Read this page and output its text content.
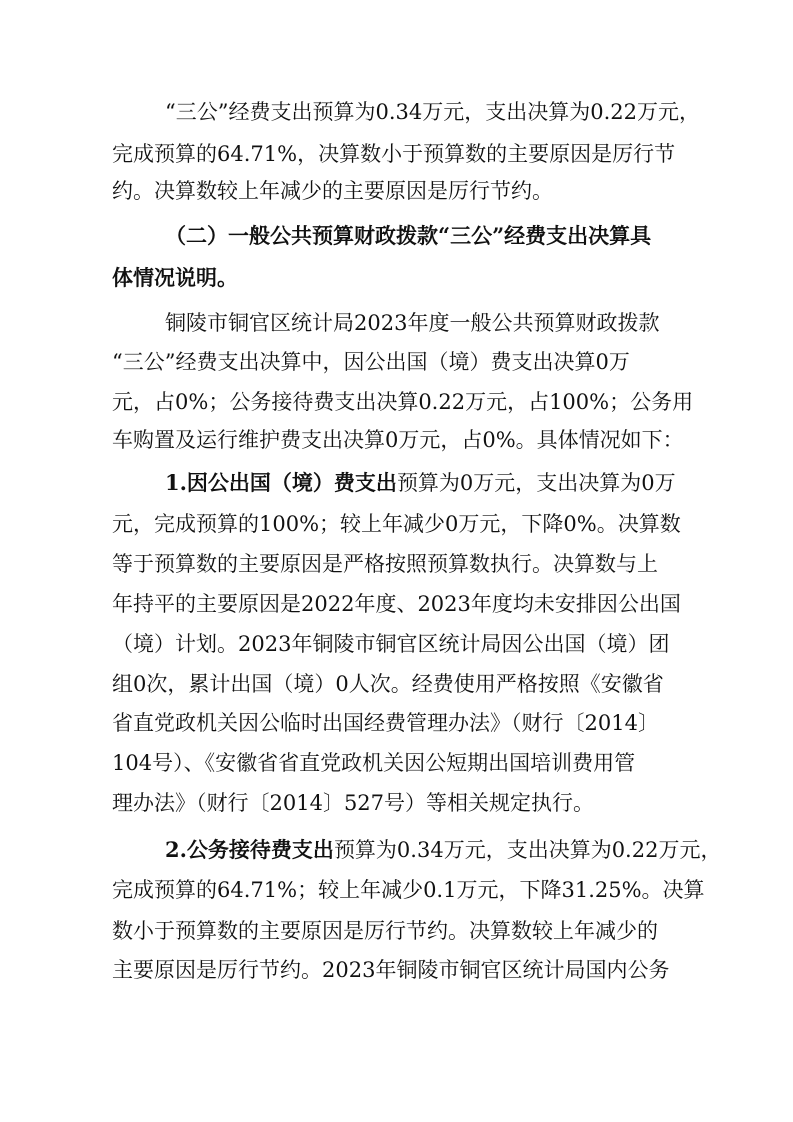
“三公”经费支出预算为0.34万元，支出决算为0.22万元，
完成预算的64.71%，决算数小于预算数的主要原因是厉行节
约。决算数较上年减少的主要原因是厉行节约。
（二）一般公共预算财政拨款“三公”经费支出决算具
体情况说明。
铜陵市铜官区统计局2023年度一般公共预算财政拨款
“三公”经费支出决算中，因公出国（境）费支出决算0万
元，占0%；公务接待费支出决算0.22万元，占100%；公务用
车购置及运行维护费支出决算0万元，占0%。具体情况如下：
1.因公出国（境）费支出预算为0万元，支出决算为0万
元，完成预算的100%；较上年减少0万元，下降0%。决算数
等于预算数的主要原因是严格按照预算数执行。决算数与上
年持平的主要原因是2022年度、2023年度均未安排因公出国
（境）计划。2023年铜陵市铜官区统计局因公出国（境）团
组0次，累计出国（境）0人次。经费使用严格按照《安徽省
省直党政机关因公临时出国经费管理办法》（财行〔2014〕
104号）、《安徽省省直党政机关因公短期出国培训费用管
理办法》（财行〔2014〕527号）等相关规定执行。
2.公务接待费支出预算为0.34万元，支出决算为0.22万元，
完成预算的64.71%；较上年减少0.1万元，下降31.25%。决算
数小于预算数的主要原因是厉行节约。决算数较上年减少的
主要原因是厉行节约。2023年铜陵市铜官区统计局国内公务
